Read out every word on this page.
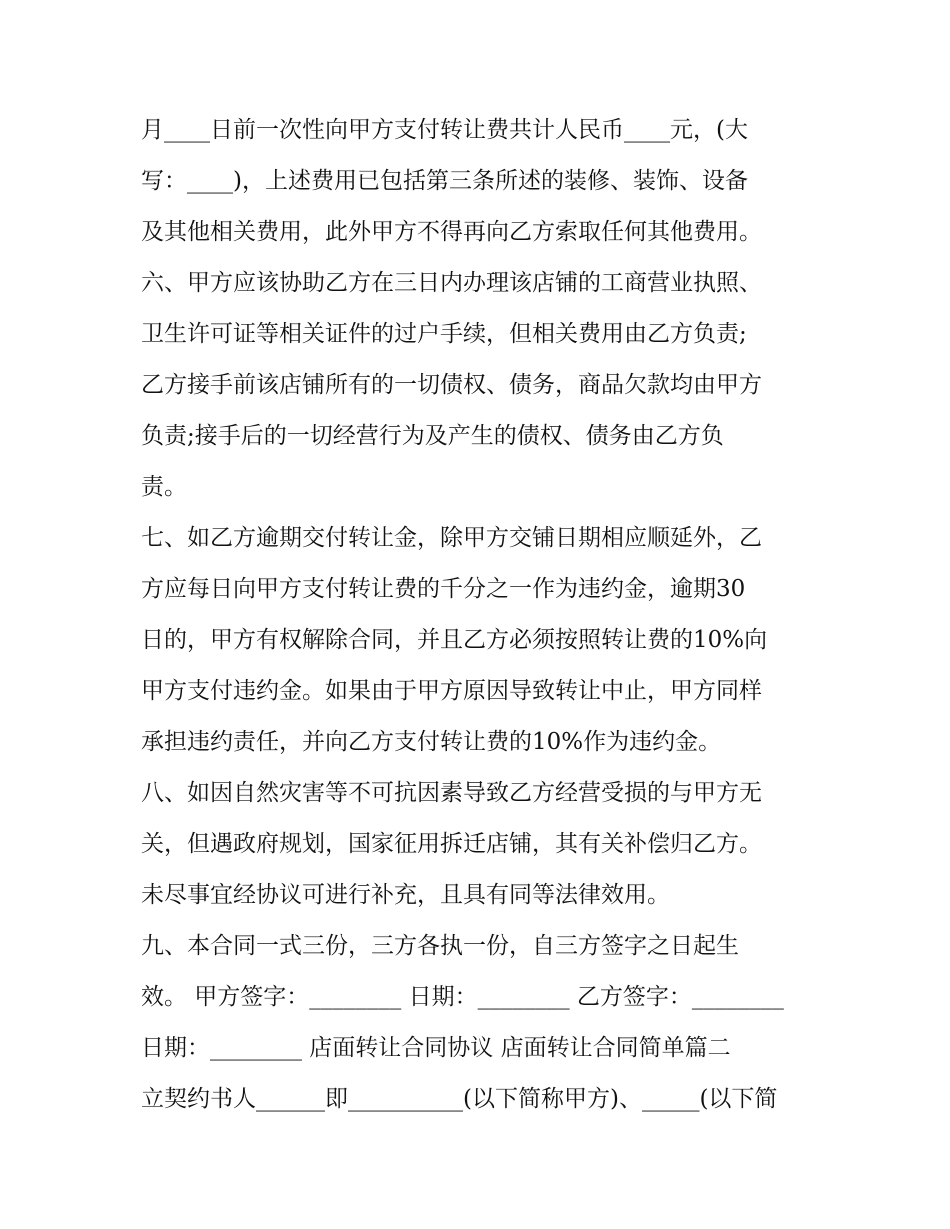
月____日前一次性向甲方支付转让费共计人民币____元，(大

写：____)，上述费用已包括第三条所述的装修、装饰、设备

及其他相关费用，此外甲方不得再向乙方索取任何其他费用。

六、甲方应该协助乙方在三日内办理该店铺的工商营业执照、

卫生许可证等相关证件的过户手续，但相关费用由乙方负责;

乙方接手前该店铺所有的一切债权、债务，商品欠款均由甲方

负责;接手后的一切经营行为及产生的债权、债务由乙方负

责。

七、如乙方逾期交付转让金，除甲方交铺日期相应顺延外，乙

方应每日向甲方支付转让费的千分之一作为违约金，逾期30

日的，甲方有权解除合同，并且乙方必须按照转让费的10%向

甲方支付违约金。如果由于甲方原因导致转让中止，甲方同样

承担违约责任，并向乙方支付转让费的10%作为违约金。

八、如因自然灾害等不可抗因素导致乙方经营受损的与甲方无

关，但遇政府规划，国家征用拆迁店铺，其有关补偿归乙方。

未尽事宜经协议可进行补充，且具有同等法律效用。

九、本合同一式三份，三方各执一份，自三方签字之日起生

效。 甲方签字：________ 日期：________ 乙方签字：________

日期：________ 店面转让合同协议 店面转让合同简单篇二

立契约书人______即__________(以下简称甲方)、_____(以下简
